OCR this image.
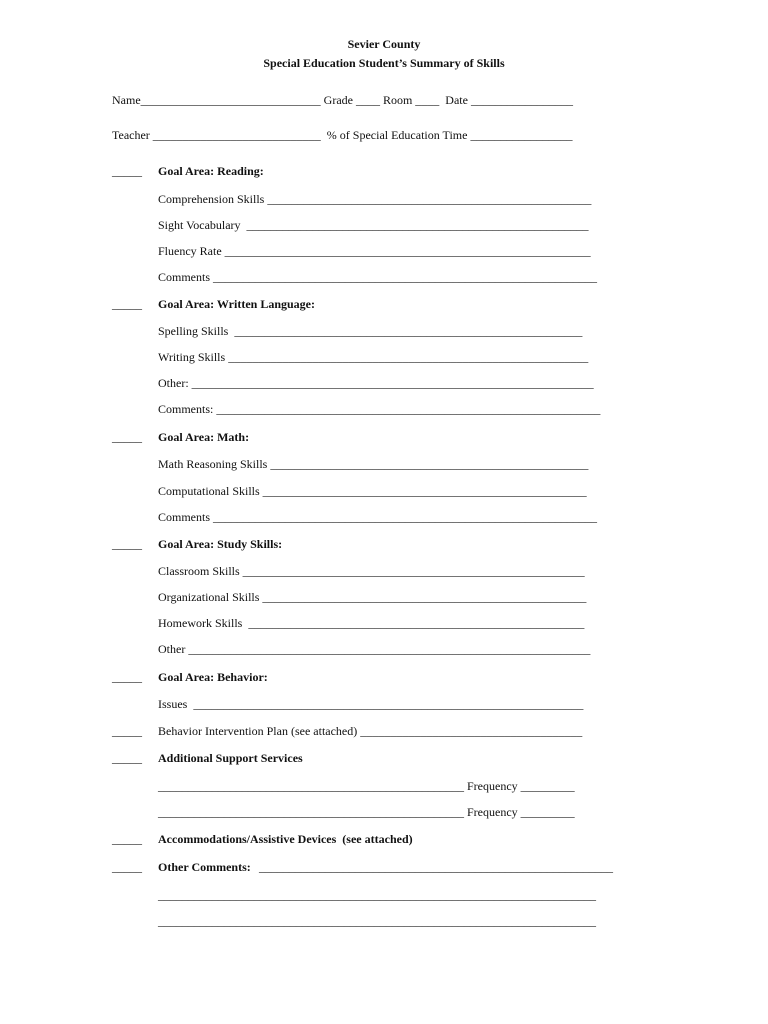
Sevier County
Special Education Student’s Summary of Skills
Name______________________________ Grade ____ Room ____  Date _________________
Teacher ____________________________  % of Special Education Time _________________
_____ Goal Area: Reading:
Comprehension Skills ______________________________________________________
Sight Vocabulary  _________________________________________________________
Fluency Rate _____________________________________________________________
Comments ________________________________________________________________
_____ Goal Area: Written Language:
Spelling Skills  __________________________________________________________
Writing Skills ____________________________________________________________
Other: ___________________________________________________________________
Comments: ________________________________________________________________
_____ Goal Area: Math:
Math Reasoning Skills _____________________________________________________
Computational Skills ______________________________________________________
Comments ________________________________________________________________
_____ Goal Area: Study Skills:
Classroom Skills _________________________________________________________
Organizational Skills ______________________________________________________
Homework Skills  ________________________________________________________
Other ___________________________________________________________________
_____ Goal Area: Behavior:
Issues  _________________________________________________________________
_____ Behavior Intervention Plan (see attached) _____________________________________
_____ Additional Support Services
___________________________________________________ Frequency _________
___________________________________________________ Frequency _________
_____ Accommodations/Assistive Devices  (see attached)
_____ Other Comments: ___________________________________________________________
_________________________________________________________________________
_________________________________________________________________________
